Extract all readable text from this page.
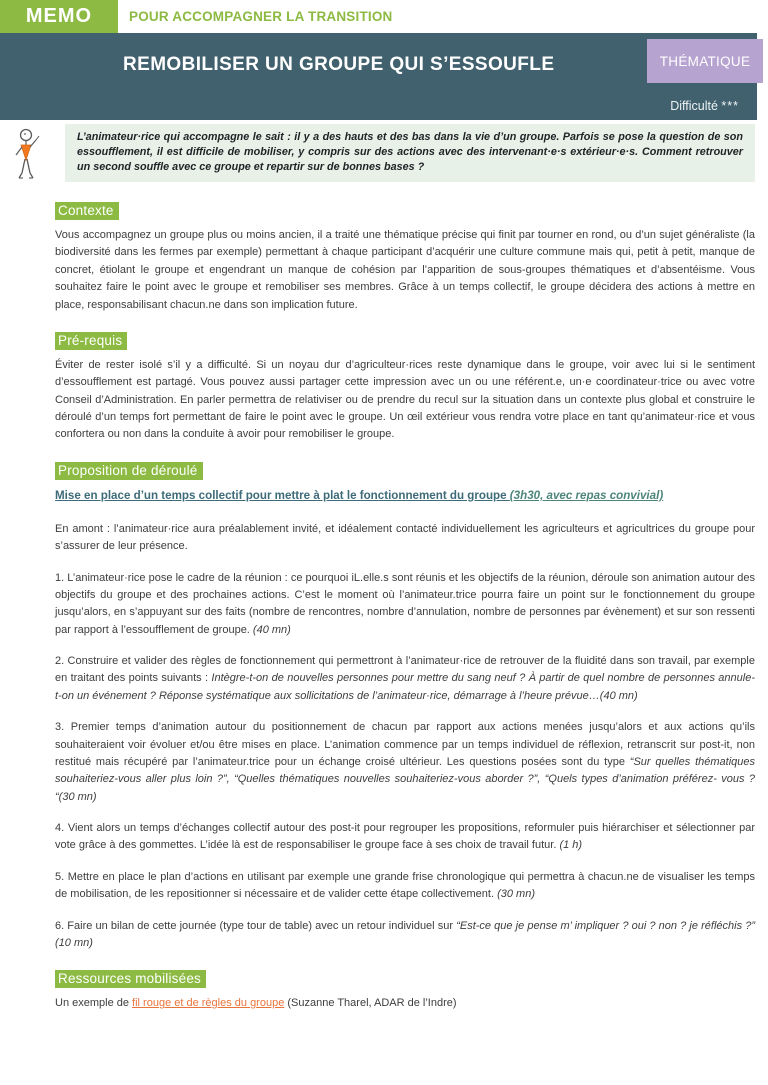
MEMO	POUR ACCOMPAGNER LA TRANSITION
REMOBILISER UN GROUPE QUI S’ESSOUFLE	THÉMATIQUE
Difficulté ***
L’animateur·rice qui accompagne le sait : il y a des hauts et des bas dans la vie d’un groupe. Parfois se pose la question de son essoufflement, il est difficile de mobiliser, y compris sur des actions avec des intervenant·e·s extérieur·e·s. Comment retrouver un second souffle avec ce groupe et repartir sur de bonnes bases ?
Contexte

Vous accompagnez un groupe plus ou moins ancien, il a traité une thématique précise qui finit par tourner en rond, ou d’un sujet généraliste (la biodiversité dans les fermes par exemple) permettant à chaque participant d’acquérir une culture commune mais qui, petit à petit, manque de concret, étiolant le groupe et engendrant un manque de cohésion par l’apparition de sous-groupes thématiques et d’absentéisme. Vous souhaitez faire le point avec le groupe et remobiliser ses membres. Grâce à un temps collectif, le groupe décidera des actions à mettre en place, responsabilisant chacun.ne dans son implication future.

Pré-requis

Éviter de rester isolé s’il y a difficulté. Si un noyau dur d’agriculteur·rices reste dynamique dans le groupe, voir avec lui si le sentiment d’essoufflement est partagé. Vous pouvez aussi partager cette impression avec un ou une référent.e, un·e coordinateur·trice ou avec votre Conseil d’Administration. En parler permettra de relativiser ou de prendre du recul sur la situation dans un contexte plus global et construire le déroulé d’un temps fort permettant de faire le point avec le groupe. Un œil extérieur vous rendra votre place en tant qu’animateur·rice et vous confortera ou non dans la conduite à avoir pour remobiliser le groupe.

Proposition de déroulé
Mise en place d’un temps collectif pour mettre à plat le fonctionnement du groupe (3h30, avec repas convivial)

En amont : l’animateur·rice aura préalablement invité, et idéalement contacté individuellement les agriculteurs et agricultrices du groupe pour s’assurer de leur présence.

1. L’animateur·rice pose le cadre de la réunion : ce pourquoi iL.elle.s sont réunis et les objectifs de la réunion, déroule son animation autour des objectifs du groupe et des prochaines actions. C’est le moment où l’animateur.trice pourra faire un point sur le fonctionnement du groupe jusqu’alors, en s’appuyant sur des faits (nombre de rencontres, nombre d’annulation, nombre de personnes par évènement) et sur son ressenti par rapport à l’essoufflement de groupe. (40 mn)

2. Construire et valider des règles de fonctionnement qui permettront à l’animateur·rice de retrouver de la fluidité dans son travail, par exemple en traitant des points suivants : Intègre-t-on de nouvelles personnes pour mettre du sang neuf ? À partir de quel nombre de personnes annule-t-on un événement ? Réponse systématique aux sollicitations de l’animateur·rice, démarrage à l’heure prévue…(40 mn)

3. Premier temps d’animation autour du positionnement de chacun par rapport aux actions menées jusqu’alors et aux actions qu’ils souhaiteraient voir évoluer et/ou être mises en place. L’animation commence par un temps individuel de réflexion, retranscrit sur post-it, non restitué mais récupéré par l’animateur.trice pour un échange croisé ultérieur. Les questions posées sont du type “Sur quelles thématiques souhaiteriez-vous aller plus loin ?”, “Quelles thématiques nouvelles souhaiteriez-vous aborder ?”, “Quels types d’animation préférez- vous ? “(30 mn)

4. Vient alors un temps d’échanges collectif autour des post-it pour regrouper les propositions, reformuler puis hiérarchiser et sélectionner par vote grâce à des gommettes. L’idée là est de responsabiliser le groupe face à ses choix de travail futur. (1 h)

5. Mettre en place le plan d’actions en utilisant par exemple une grande frise chronologique qui permettra à chacun.ne de visualiser les temps de mobilisation, de les repositionner si nécessaire et de valider cette étape collectivement. (30 mn)

6. Faire un bilan de cette journée (type tour de table) avec un retour individuel sur “Est-ce que je pense m’ impliquer ? oui ? non ? je réfléchis ?” (10 mn)

Ressources mobilisées

Un exemple de fil rouge et de règles du groupe (Suzanne Tharel, ADAR de l’Indre)
